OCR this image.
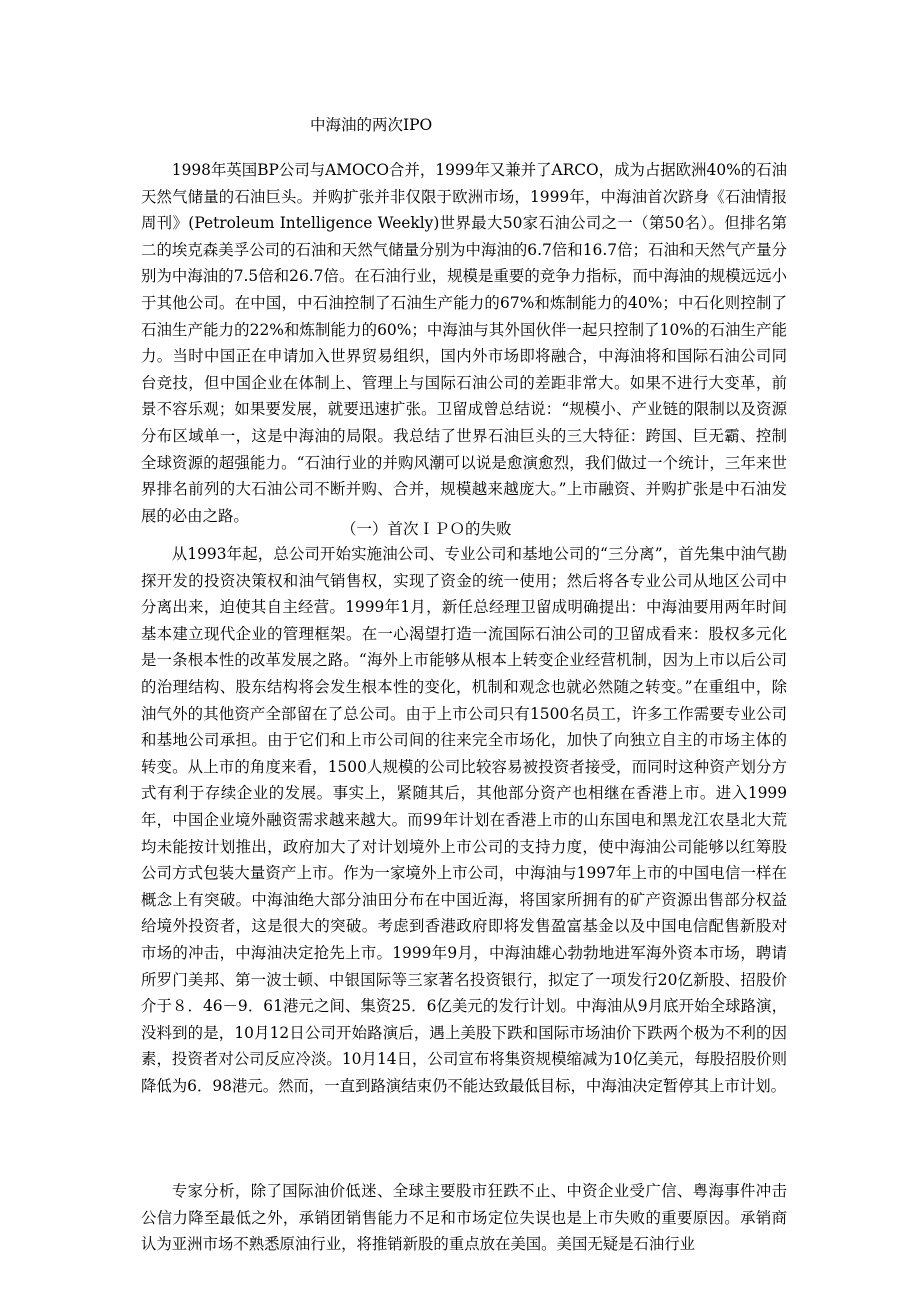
中海油的两次IPO

1998年英国BP公司与AMOCO合并，1999年又兼并了ARCO，成为占据欧洲40%的石油天然气储量的石油巨头。并购扩张并非仅限于欧洲市场，1999年，中海油首次跻身《石油情报周刊》(Petroleum Intelligence Weekly)世界最大50家石油公司之一（第50名）。但排名第二的埃克森美孚公司的石油和天然气储量分别为中海油的6.7倍和16.7倍；石油和天然气产量分别为中海油的7.5倍和26.7倍。在石油行业，规模是重要的竞争力指标，而中海油的规模远远小于其他公司。在中国，中石油控制了石油生产能力的67%和炼制能力的40%；中石化则控制了石油生产能力的22%和炼制能力的60%；中海油与其外国伙伴一起只控制了10%的石油生产能力。当时中国正在申请加入世界贸易组织，国内外市场即将融合，中海油将和国际石油公司同台竞技，但中国企业在体制上、管理上与国际石油公司的差距非常大。如果不进行大变革，前景不容乐观；如果要发展，就要迅速扩张。卫留成曾总结说：“规模小、产业链的限制以及资源分布区域单一，这是中海油的局限。我总结了世界石油巨头的三大特征：跨国、巨无霸、控制全球资源的超强能力。“石油行业的并购风潮可以说是愈演愈烈，我们做过一个统计，三年来世界排名前列的大石油公司不断并购、合并，规模越来越庞大。”上市融资、并购扩张是中石油发展的必由之路。

（一）首次ＩＰＯ的失败

从1993年起，总公司开始实施油公司、专业公司和基地公司的“三分离”，首先集中油气勘探开发的投资决策权和油气销售权，实现了资金的统一使用；然后将各专业公司从地区公司中分离出来，迫使其自主经营。1999年1月，新任总经理卫留成明确提出：中海油要用两年时间基本建立现代企业的管理框架。在一心渴望打造一流国际石油公司的卫留成看来：股权多元化是一条根本性的改革发展之路。“海外上市能够从根本上转变企业经营机制，因为上市以后公司的治理结构、股东结构将会发生根本性的变化，机制和观念也就必然随之转变。”在重组中，除油气外的其他资产全部留在了总公司。由于上市公司只有1500名员工，许多工作需要专业公司和基地公司承担。由于它们和上市公司间的往来完全市场化，加快了向独立自主的市场主体的转变。从上市的角度来看，1500人规模的公司比较容易被投资者接受，而同时这种资产划分方式有利于存续企业的发展。事实上，紧随其后，其他部分资产也相继在香港上市。进入1999年，中国企业境外融资需求越来越大。而99年计划在香港上市的山东国电和黑龙江农垦北大荒均未能按计划推出，政府加大了对计划境外上市公司的支持力度，使中海油公司能够以红筹股公司方式包装大量资产上市。作为一家境外上市公司，中海油与1997年上市的中国电信一样在概念上有突破。中海油绝大部分油田分布在中国近海，将国家所拥有的矿产资源出售部分权益给境外投资者，这是很大的突破。考虑到香港政府即将发售盈富基金以及中国电信配售新股对市场的冲击，中海油决定抢先上市。1999年9月，中海油雄心勃勃地进军海外资本市场，聘请所罗门美邦、第一波士顿、中银国际等三家著名投资银行，拟定了一项发行20亿新股、招股价介于８．46－9．61港元之间、集资25．6亿美元的发行计划。中海油从9月底开始全球路演，没料到的是，10月12日公司开始路演后，遇上美股下跌和国际市场油价下跌两个极为不利的因素，投资者对公司反应冷淡。10月14日，公司宣布将集资规模缩减为10亿美元，每股招股价则降低为6．98港元。然而，一直到路演结束仍不能达致最低目标，中海油决定暂停其上市计划。

专家分析，除了国际油价低迷、全球主要股市狂跌不止、中资企业受广信、粤海事件冲击公信力降至最低之外，承销团销售能力不足和市场定位失误也是上市失败的重要原因。承销商认为亚洲市场不熟悉原油行业，将推销新股的重点放在美国。美国无疑是石油行业
